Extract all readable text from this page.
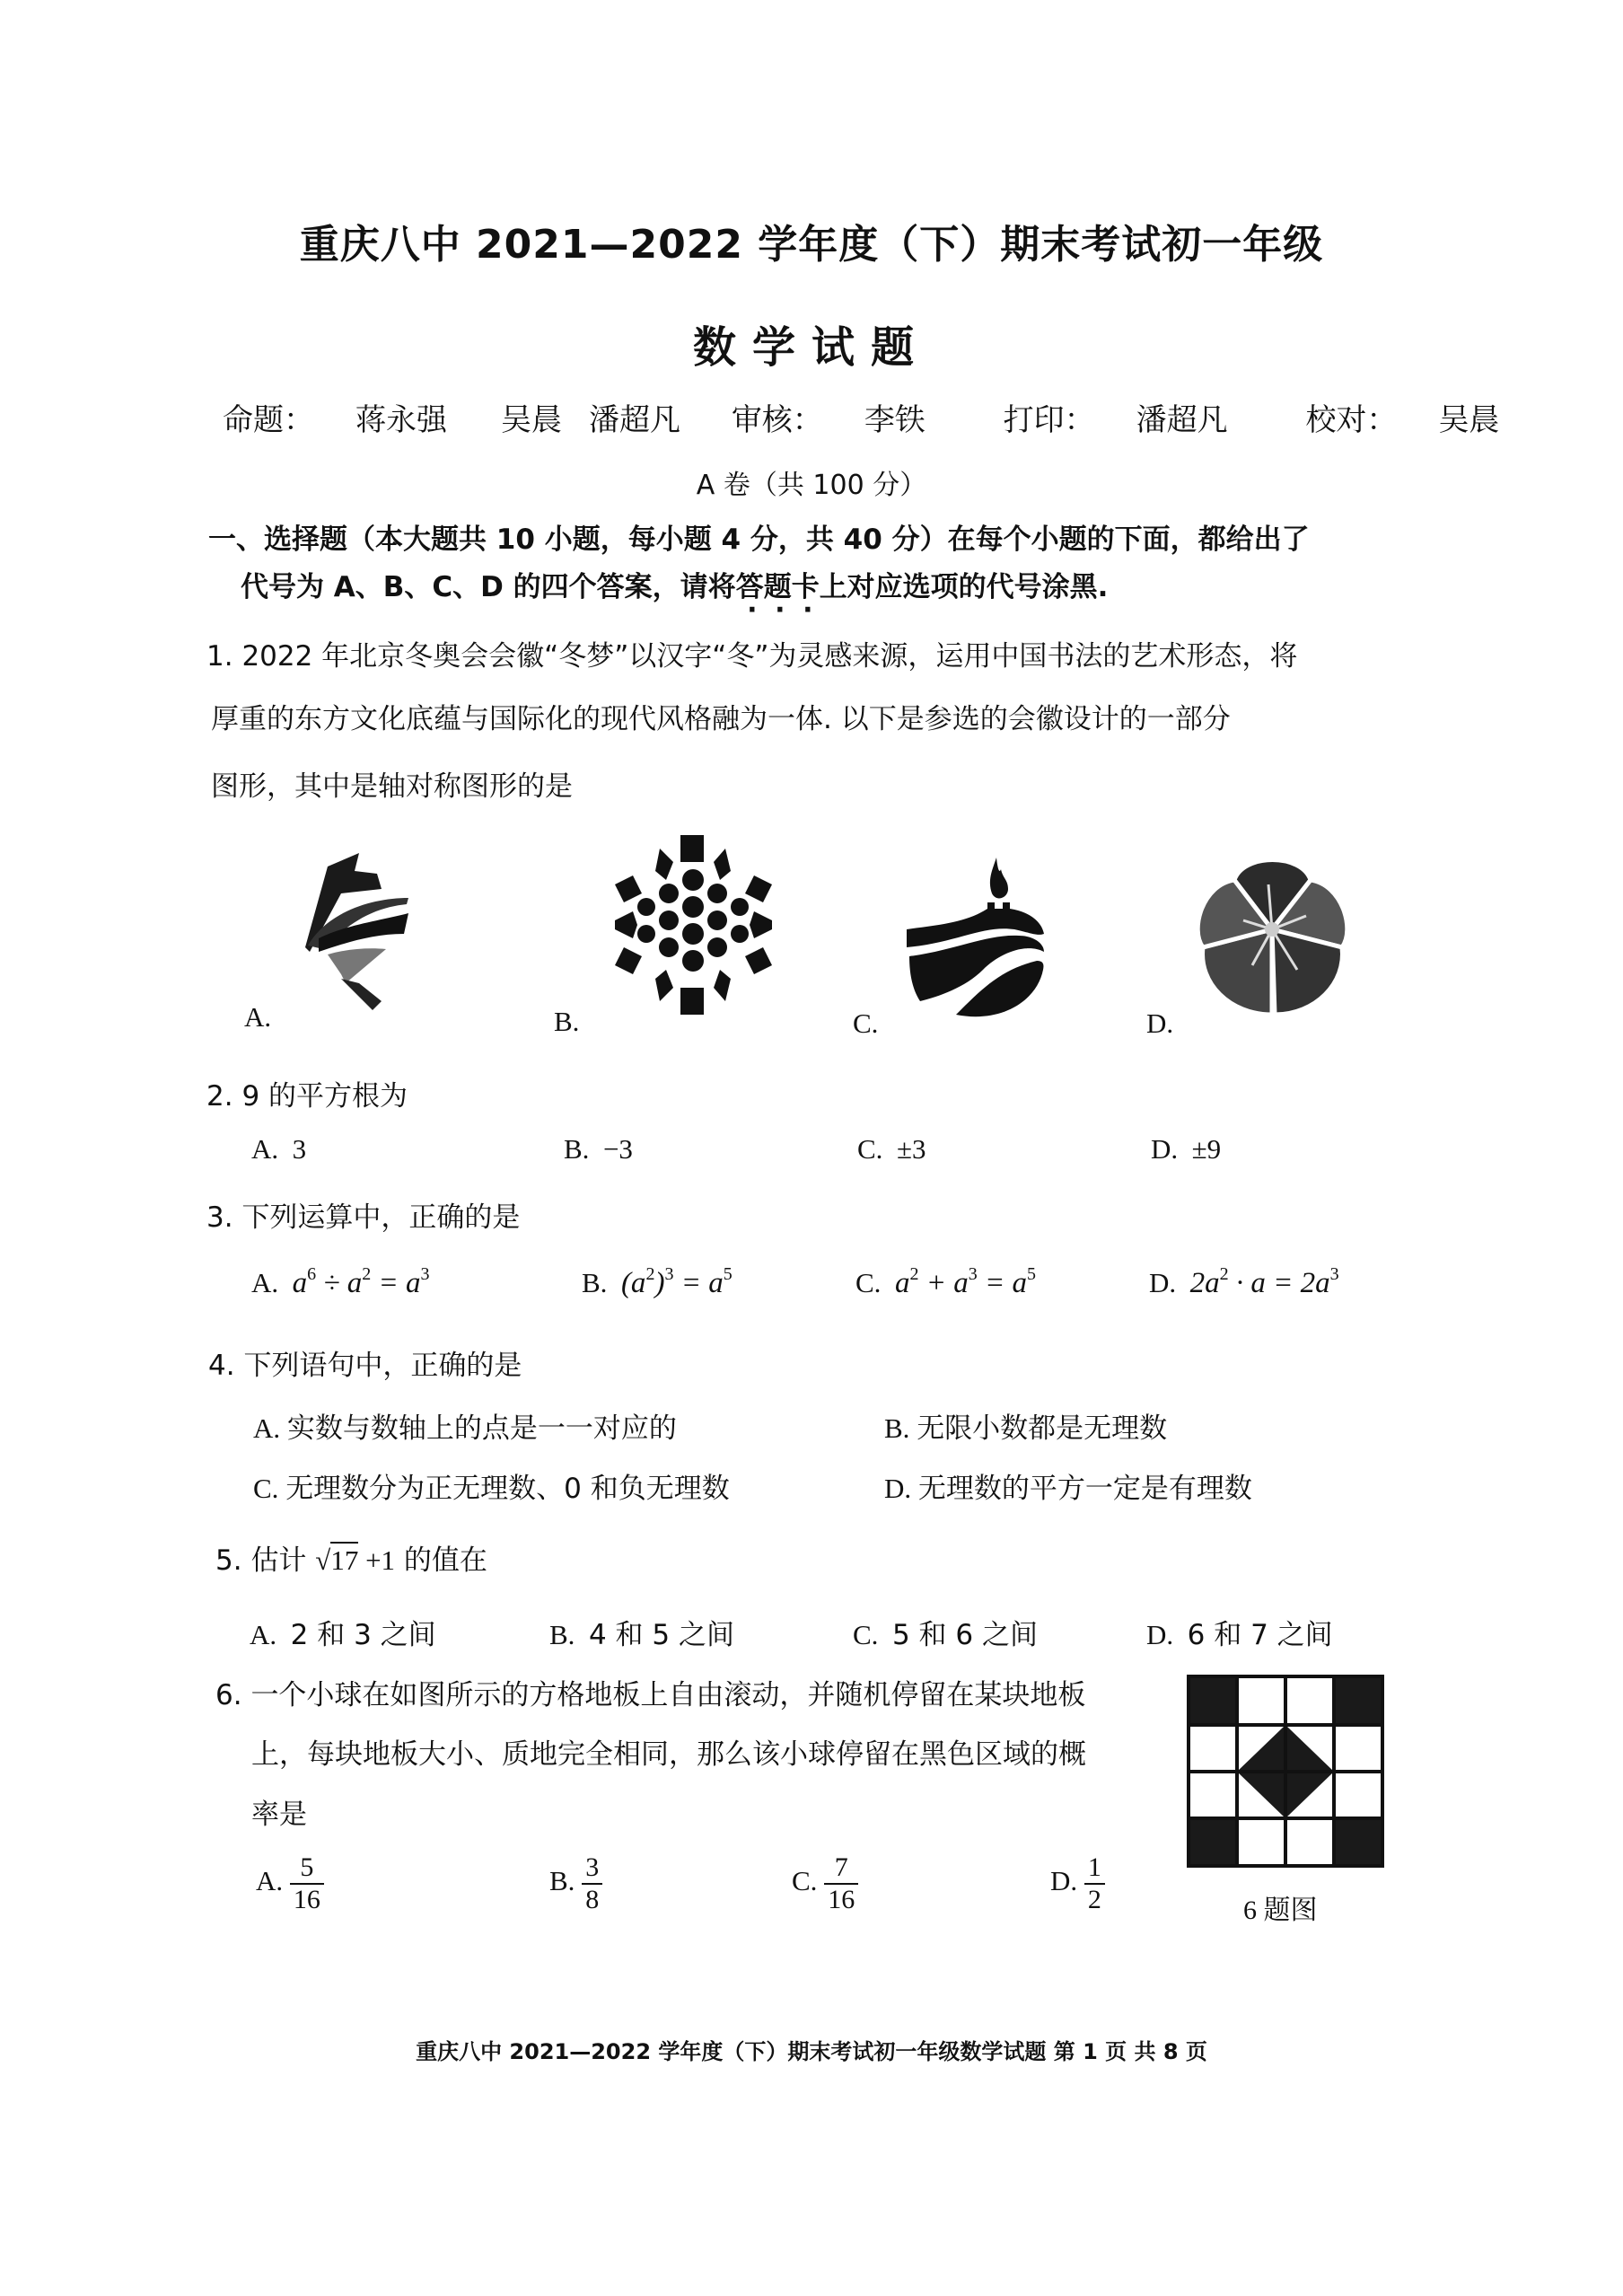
重庆八中 2021—2022 学年度（下）期末考试初一年级
数学试题
命题： 蒋永强 吴晨 潘超凡 审核： 李铁	打印： 潘超凡	校对： 吴晨
A 卷（共 100 分）
一、选择题（本大题共 10 小题，每小题 4 分，共 40 分）在每个小题的下面，都给出了
代号为 A、B、C、D 的四个答案，请将答题卡上对应选项的代号涂黑.
1. 2022 年北京冬奥会会徽“冬梦”以汉字“冬”为灵感来源，运用中国书法的艺术形态，将
厚重的东方文化底蕴与国际化的现代风格融为一体. 以下是参选的会徽设计的一部分
图形，其中是轴对称图形的是
A.	B.	C.	D.
2. 9 的平方根为
A. 3	B. −3	C. ±3	D. ±9
3. 下列运算中，正确的是
A. $a^6 \div a^2 = a^3$	B. $(a^2)^3 = a^5$	C. $a^2 + a^3 = a^5$	D. $2a^2 \cdot a = 2a^3$
4. 下列语句中，正确的是
A. 实数与数轴上的点是一一对应的	B. 无限小数都是无理数
C. 无理数分为正无理数、0 和负无理数	D. 无理数的平方一定是有理数
5. 估计 √17 +1 的值在
A. 2 和 3 之间	B. 4 和 5 之间	C. 5 和 6 之间	D. 6 和 7 之间
6. 一个小球在如图所示的方格地板上自由滚动，并随机停留在某块地板
上，每块地板大小、质地完全相同，那么该小球停留在黑色区域的概
率是
A. $\frac{5}{16}$	B. $\frac{3}{8}$	C. $\frac{7}{16}$	D. $\frac{1}{2}$	6 题图
重庆八中 2021—2022 学年度（下）期末考试初一年级数学试题 第 1 页 共 8 页
